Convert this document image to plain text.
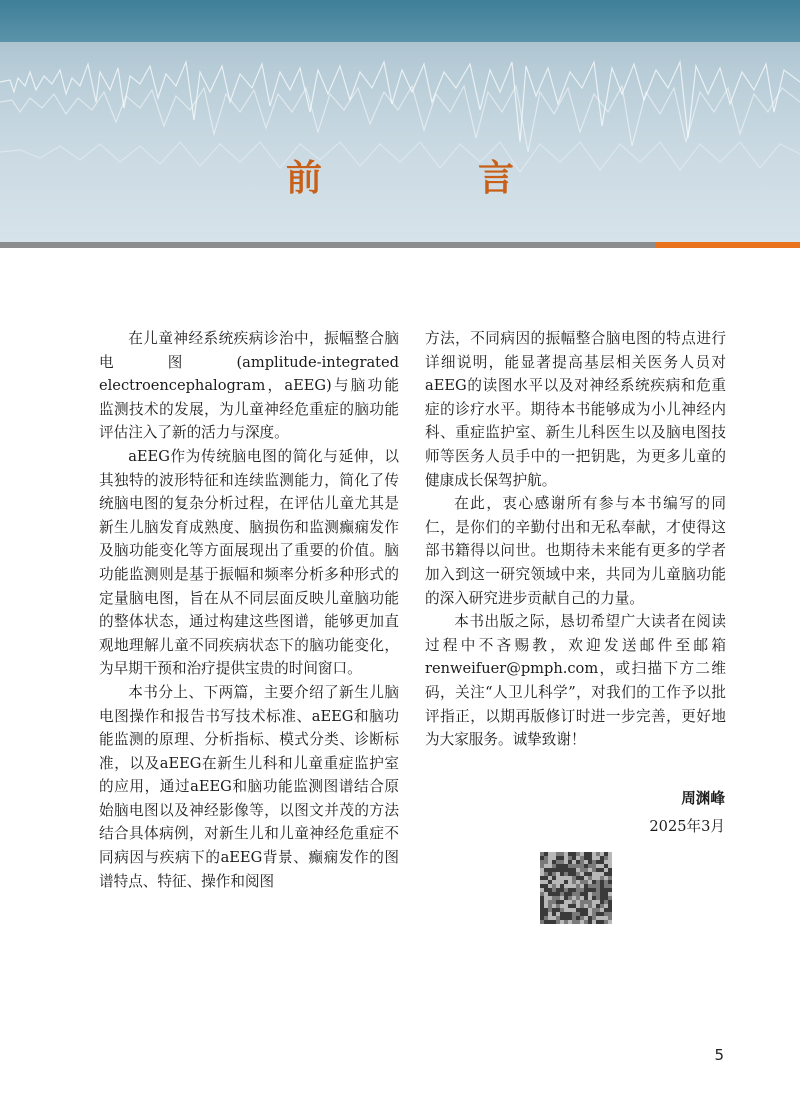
前　言

在儿童神经系统疾病诊治中，振幅整合脑电图(amplitude-integrated electroencephalogram，aEEG)与脑功能监测技术的发展，为儿童神经危重症的脑功能评估注入了新的活力与深度。

aEEG作为传统脑电图的简化与延伸，以其独特的波形特征和连续监测能力，简化了传统脑电图的复杂分析过程，在评估儿童尤其是新生儿脑发育成熟度、脑损伤和监测癫痫发作及脑功能变化等方面展现出了重要的价值。脑功能监测则是基于振幅和频率分析多种形式的定量脑电图，旨在从不同层面反映儿童脑功能的整体状态，通过构建这些图谱，能够更加直观地理解儿童不同疾病状态下的脑功能变化，为早期干预和治疗提供宝贵的时间窗口。

本书分上、下两篇，主要介绍了新生儿脑电图操作和报告书写技术标准、aEEG和脑功能监测的原理、分析指标、模式分类、诊断标准，以及aEEG在新生儿科和儿童重症监护室的应用，通过aEEG和脑功能监测图谱结合原始脑电图以及神经影像等，以图文并茂的方法结合具体病例，对新生儿和儿童神经危重症不同病因与疾病下的aEEG背景、癫痫发作的图谱特点、特征、操作和阅图

方法，不同病因的振幅整合脑电图的特点进行详细说明，能显著提高基层相关医务人员对aEEG的读图水平以及对神经系统疾病和危重症的诊疗水平。期待本书能够成为小儿神经内科、重症监护室、新生儿科医生以及脑电图技师等医务人员手中的一把钥匙，为更多儿童的健康成长保驾护航。

在此，衷心感谢所有参与本书编写的同仁，是你们的辛勤付出和无私奉献，才使得这部书籍得以问世。也期待未来能有更多的学者加入到这一研究领域中来，共同为儿童脑功能的深入研究进步贡献自己的力量。

本书出版之际，恳切希望广大读者在阅读过程中不吝赐教，欢迎发送邮件至邮箱renweifuer@pmph.com，或扫描下方二维码，关注“人卫儿科学”，对我们的工作予以批评指正，以期再版修订时进一步完善，更好地为大家服务。诚挚致谢！

周渊峰
2025年3月
5
